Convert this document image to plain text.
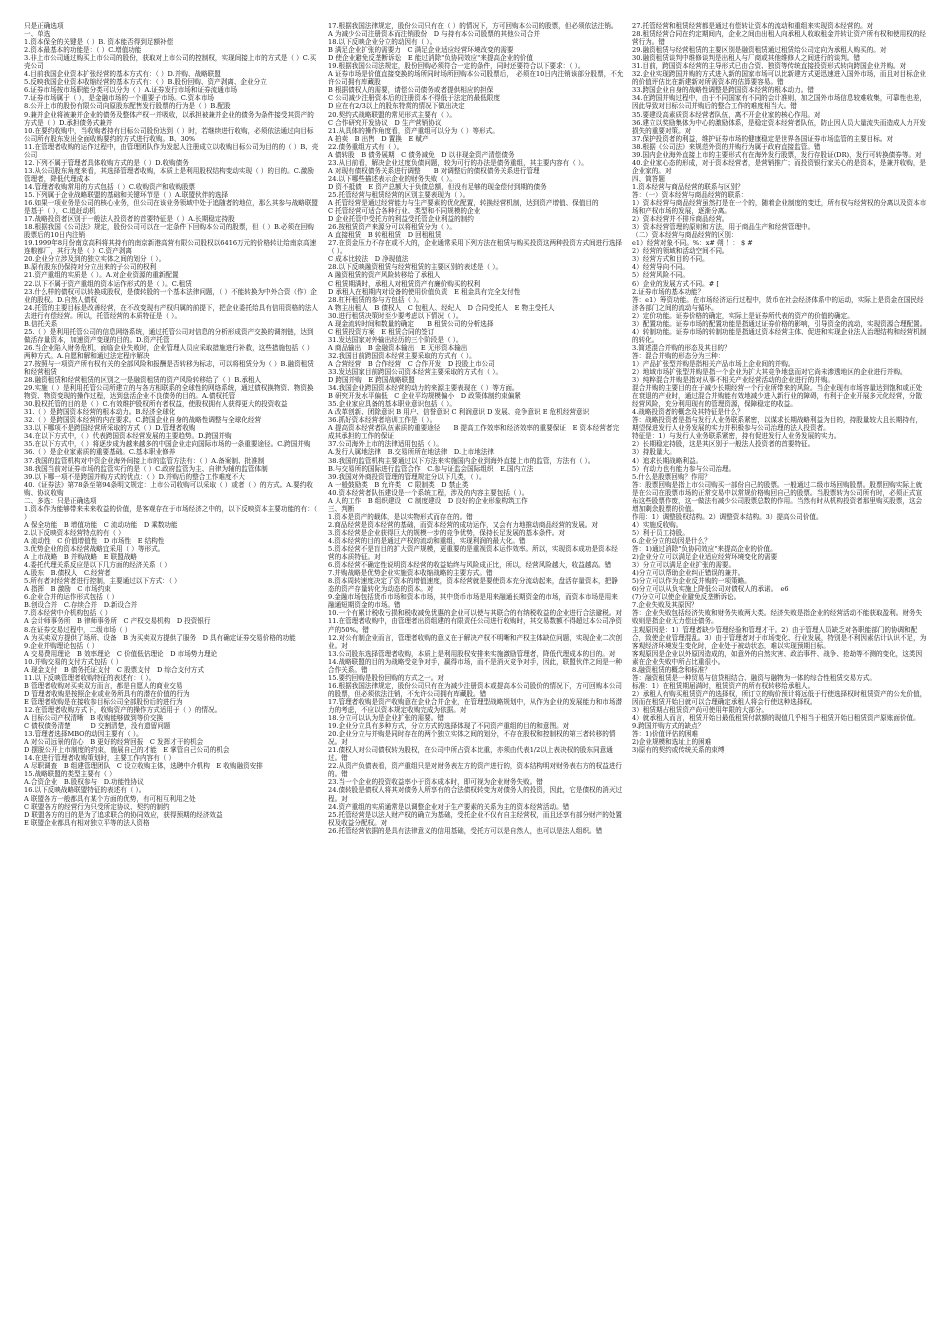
只是正确选项
一、单选
1.资本保全的关键是（ ）B. 资本能否得到足额补偿
2.资本最基本的功能是：（ ）C.增值功能
3.非上市公司通过购买上市公司的股份，获取对上市公司的控制权，实现间接上市的方式是（ ）C.买壳公司
4.目前我国企业资本扩张经营的基本方式有：（ ）D.并购、战略联盟
5.反映我国企业资本收缩经营的基本方式有：（ ）B.股份回购、资产剥离、企业分立
6.证券市场按市场职能分类可以分为（ ）A.证券发行市场和证券流通市场
7.证券市场属于（ ），是金融市场的一个重要子市场。C.资本市场
8.公开上市的股份有限公司向原股东配售发行股票的行为是（ ）B.配股
9.兼并企业将被兼并企业的债务及整体产权一并吸收，以承担被兼并企业的债务为条件接受其资产的方式是（ ）D.承担债务式兼并
10.在要约收购中，当收购者持有目标公司股份达到（ ）时，若继续进行收购，必须依法通过向目标公司所有股东发出全面收购要约的方式进行收购。B、30%
11.在管理者收购的运作过程中，由管理团队作为发起人注册成立以收购目标公司为目的的（ ）B、壳公司
12.下列不属于管理者具体收购方式的是（ ）D.收购债务
13.从公司股东角度来看，其选择管理者收购，本质上是利用股权结构变动实现（ ）的目的。C.激励管理者，降低代理成本
14.管理者收购常用的方式包括（ ）C.收购资产和收购股票
15.下列属于企业战略联盟的基础和关键环节是（ ）A.联盟伙伴的选择
16.如果一项业务是公司的核心业务，但公司在该业务领域中处于追随者的地位，那么其参与战略联盟是基于（ ），C.追赶动机
17.战略投资者区别于一般法人投资者的首要特征是（ ）A.长期稳定持股
18.根据我国《公司法》规定，股份公司可以在一定条件下回购本公司的股票，但（ ）B.必须在回购股票后的10日内注销
19.1999年8月份南京高科将其持有的南京新港高营有限公司股权以6416万元的价格转让给南京高速连粮都厂，其行为是（ ）C.资产剥离
20.企业分立涉及到的独立实体之间的划分（ ）。
B.原有股东仍保持对分立出来的子公司的权利
21.资产重组的实质是（ ）。A.对企业资源的重新配置
22.以下不属于资产重组的资本运作形式的是（ ）。C.租赁
23.什么样的债权可以转换成股权，是债转股的一个基本法律问题，（ ）不能转换为中外合资（作）企业的股权。D.自然人债权
24.托管的主要目标是改善经营，在不改变现有产权归属的前提下，把企业委托给具有信用资格的法人去进行有偿经营。所以，托管经营的本质特征是（ ）。
B.信托关系
25.（ ）是利用托管公司的信息网络系统，通过托管公司对信息的分析形成资产交换的调剂链，达到做活存量资本，加速资产变现的目的。D.资产托管
26.当企业陷入财务危机，面临企业失败时，企业管理人员应采取措施进行补救，这些措施包括（ ）两种方式。A.自愿和解和通过法定程序解决
27.按照与一项资产所有权有关的全部风险和报酬是否转移为标志，可以将租赁分为（ ）B.融资租赁和经营租赁
28.融资租赁和经营租赁的区别之一是融资租赁的资产风险转移给了（ ）B.承租人
29.实施（ ）是利用托管公司所建立的与各方相联系的全球性的网络系统，通过债权换物资、物资换物资、物资变现的操作过程，达到盘活企业不良债务的目的。A.债权托管
30.股权托管的目的是（ ）C.有效维护股权所有者权益，使股权拥有人获得更大的投资收益
31.（ ）是跨国资本经营的根本动力。B.经济全球化
32.（ ）是跨国资本经营的内在要求。C.跨国企业自身的战略性调整与全球化经营
33.以下哪项不是跨国经营所采取的方式（ ）D.管理者收购
34.在以下方式中，（ ）代表跨国资本经营发展的主要趋势。D.跨国并购
35.在以下方式中，（ ）将逐步成为越来越多的中国企业走向国际市场的一条重要途径。C.跨国并购
36.（ ）是企业家素质的重要基础。C.基本职业修养
37.我国的监管机构对中资企业海外间接上市的监管方法有：（ ）A.备案制、批准制
38.我国当前对证券市场的监管实行的是（ ）C.政府监管为主、自律为辅的监管体制
39.以下哪一项不是跨国并购方式的优点：（ ）D.并购后的整合工作难度不大
40.《证券法》第78条至第94条明文规定：上市公司收购可以采取（ ）或者（ ）的方式。A.要约收购、协议收购
二、多选：只是正确选项
1.资本作为能够带来未来收益的价值，是客观存在于市场经济之中的，以下反映资本主要功能的有：（ ）
A 保全功能　B 增值功能　C 流动功能　D 乘数功能
2.以下反映资本经营特点的有（ ）
A 流动性　C 价值增值性　D 市场性　E 结构性
3.优势企业的资本经营战略宜采用（ ）等形式。
A 上市战略　B 并购战略　E 联盟战略
4.委托代理关系反应是以下几方面的经济关系（ ）
A.股东　B.债权人　C.经营者
5.所有者对经营者进行控制，主要通过以下方式：（ ）
A 指挥　B 激励　C 市场约束
6.企业合并的运作形式包括（ ）
B.创设合并　C.存续合并　D.新设合并
7.资本经营中介机构包括（ ）
A 会计师事务所　B 律师事务所　C 产权交易机构　D 投资银行
8.在证券交易过程中，二级市场（ ）
A 为买卖双方提供了场所、设备　B 为买卖双方提供了服务　D 具有确定证券交易价格的功能
9.企业并购理论包括（ ）
A 交易费用理论　B 效率理论　C 价值低估理论　D 市场势力理论
10.并购交易的支付方式包括（ ）
A 现金支付　B 债务托证支付　C 股票支付　D 综合支付方式
11.以下反映管理者收购特征的表述有：（ ）。
B 管理者收购对买卖双方而言，都是自愿人的商业交易
D 管理者收购是按照企业或业务所具有的潜在价值的行为
E 管理者收购是在接收参目标公司全部股份后的进行为
12.在管理者收购方式下，收购资产的操作方式适用于（ ）的情况。
A 目标公司产权清晰　B 收购能够做到等价交换
C 债权债务清楚　　　D 交割清楚，没有遗留问题
13.管理者选择MBO的动因主要有（ ）。
A 对公司远景的信心　B 更好的经营回报　C 发挥才干的机会
D 摆脱公开上市制度的约束，施展自己的才能　E 掌管自己公司的机会
14.在进行管理者收购策划时，主要工作内容有（ ）
A 尽职调查　B 组建管理团队　C 设立收购主体，选聘中介机构　E 收购融资安排
15.战略联盟的类型主要有（ ）
A.合资企业　B.股权参与　D.功能性协议
16.以下反映战略联盟特征的表述有（ ）。
A 联盟各方一般都具有某个方面的优势，有可相互利用之处
C 联盟各方的经营行为只受所定协议、契约的制约
D 联盟各方的目的是为了追求联合的协同效应，获得预期的经济效益
E 联盟企业都具有相对独立平等的法人资格
17.根据我国法律规定，股份公司只有在（ ）的情况下，方可回购本公司的股票，但必须依法注销。
A 为减少公司注册资本而注销股份　D 与持有本公司股票的其他公司合并
18.以下反映企业分立的动因有（ ）。
B 满足企业扩张的需要力　C 满足企业适应经营环境改变的需要
D 使企业避免反垄断诉讼　E 能过消除"负协同效应"来提高企业的价值
19.根据我国公司法规定，股份回购必须符合一定的条件，同时还要符合以下要求：（ ）。
A 证券市场是价值直接变换的场所同时场所回购本公司股票后，　必须在10日内注销该部分股票，不允许公司拥有库藏股
B 根据债权人的需要，请偿公司债务或者提供相应的担保
C 公司减少注册资本后的注册资本不得低于法定的最低限度
D 应在有2/3以上的股东特赏的情况下做出决定
20.契约式战略联盟的常见形式主要有（ ）。
C 合作研究开发协议　D 生产营销协议
21.从具体的操作角度看，资产重组可以分为（ ）等形式。
A 拍卖　B 出售　D 置换　E 赋产
22.债务重组方式有（ ）。
A 债转股　B 债务展期　C 债务减免　D 以非现金资产清偿债务
23.从目前看，解决企业过度负债问题，较为可行的办法是债务重组，其主要内容有（ ）。
A 对现有债权债务关系进行调整　　B 对调整后的债权债务关系进行管理
24.以下哪些描述表示企业的财务失败（ ）。
D 资不抵债　E 资产总额大于负债总额，但没有足够的现金偿付到期的债务
25.托管经营与租赁经营的区别主要表现为（ ）。
A 托管经营是通过经营能力与生产要素的优化配置，转换经营机制，达到资产增值、保值目的
C 托管经营可适合各种行业、类型和不同规模的企业
D 企业托管中受托方的利益受托管企业利益的制约
26.按租赁资产来源分可以将租赁分为（ ）。
A 直接租赁　B 转租租赁　D 回租租赁
27.在资金压力不存在或不大的，企业通常采用下列方法在租赁与购买投资这两种投资方式间进行选择（ ）。
C 成本比较法　D 净现值法
28.以下反映融资租赁与经营租赁的主要区别的表述是（ ）。
A 融资租赁的资产风险转移给了承租人
C 租赁期满时，承租人对租赁资产有廉价购买的权利
D 承租人在租期内对设备的使用价值负责　E 租金具有完全支付性
28.杠杆租赁的参与方包括（ ）。
A 物主出租人　B 债权人　C 包租人、经纪人　D 合同受托人　E 物主受托人
30.进行租赁决策时至少要考虑以下情况（ ）。
A 现金流转时间和数量的确定　　B 租赁公司的分析选择
C 租赁投资方案　E 租赁合同的签订
31.发达国家对外输出经历的三个阶段是（ ）。
A 商品输出　B 金融资本输出　E 无形资本输出
32.我国目前跨国资本经营主要采取的方式有（ ）。
A 合营经营　B 合作经营　C 合作开发　D 投股上市公司
33.发达国家目前跨国公司资本经营主要采取的方式有（ ）。
D 跨国并购　E 跨国战略联盟
34.我国企业跨国资本经营的动力的来源主要表现在（ ）等方面。
B 研究开发水平偏低　C 企业平均规模偏小　D 政策体制约束偏紧
35.企业家应具备的基本职业意识包括（ ）。
A 改革创新、团除意识 B 用户、信誉意识 C 利润意识 D 发展、竞争意识 E 危机经营意识
36.抓好资本经营者培训工作是（ ）。
A 提高资本经营者队伍素质的重要途径　　B 提高工作效率和经济效率的重要保证　E 资本经营者完成其承担的工作的保证
37.公司海外上市的法律适用包括（ ）。
A.发行人属地法律　B.交易所所在地法律　D.上市地法律
38.我国的监管机构主要通过以下方法来实施国内企业到海外直接上市的监管，方法有（ ）。
B.与交易所的国际进行监管合作　C.参与证监会国际组织　E.国内立法
39.我国对外商投资管理的管理规定分以下几类，（ ）。
A 一般鼓励类　B 允许类　C 限制类　D 禁止类
40.资本经营者队伍建设是一个系统工程，涉及的内容主要包括（ ）。
A 人的工作　B 组织建设　C 制度建设　D 良好的企业形象构筑工作
三、判断
1.资本是资产的载体，是以实物形式而存在的。错
2.商品经营是资本经营的基础，而资本经营的成功运作，又会有力地推动商品经营的发展。对
3.资本经营是企业获得巨大的规模一步的竞争优势，保持长足发展的基本条件。对
4.资本经营的目的是通过产权的流动和重组，实现利润的最大化。错
5.资本经营不是盲目的扩大资产规模，更重要的是重视资本运作效率。所以，实现资本成功是资本经营的本质特征。对
6.资本经营不确定性说明资本经营的收益始终与风险成正比，所以，经营风险越大，收益越高。错
7.并购战略是优势企业实施资本收缩战略的主要方式。错
8.资本周转速度决定了资本的增值速度，资本经营就是要使资本充分流动起来，盘活存量资本，把静态的资产存量转化为动态的资本。对
9.金融市场包括货币市场和资本市场，其中货币市场是用来融通长期资金的市场，而资本市场是用来融通短期资金的市场。错
10.一个有累计税收亏损和税收减免优惠的企业可以使与其联合的有纳税收益的企业进行合法避税。对
11.在管理者收购中，由管理者出资组建的有限责任公司进行收购时，其交易数额不得超过本公司净资产的50%。错
12.对公有制企业而言，管理者收购的意义在于解决产权不明晰和产权主体缺位问题，实现企业二次创业。对
13.公司股东选择管理者收购，本质上是利用股权安排来实施激励管理者，降低代理成本的目的。对
14.战略联盟的目的为战略受竞争对手，赢得市场，而不是消灭竞争对手，因此，联盟伙伴之间是一种合作关系。错
15.要约回购是股份回购的方式之一。对
16.根据我国法律规定，股份公司只有在为减少注册资本或提高本公司股价的情况下，方可回购本公司的股票，但必须依法注销，不允许公司拥有库藏股。错
17.管理者收购是资产收购意在企业合并企业，在管理型战略规划中，从作为企业的发展能力和市场潜力的考虑，不应以资本规定收购完成为依据。对
18.分立可以认为是企业扩张的需要。错
19.企业分立具有多种方式，分立方式的选择体现了不同资产重组的目的和意图。对
20.企业分立与并购是同时存在的两个独立实体之间的划分，不存在股权和控制权的第三者转移的情况。对
21.债权人对公司债权转为股权，在公司中所占资本比重，亦须由代表1/2以上表决权的股东同意通过。错
22.从资产负债表看，资产重组只是对财务表左方的资产进行的，资本结构明对财务表右方的权益进行的。错
23.当一个企业的投资收益率小于资本成本时，即可视为企业财务失败。错
24.债转股是债权人将其对债务人所享有的合法债权转变为对债务人的投资，因此，它是债权的消灭过程。对
24.资产重组的实质通常是以调整企业对于生产要素的关系为主的资本经营活动。错
25.托管经营是以法人财产权的确立为基础，受托企业不仅有自主经营权，而且还享有部分财产的处置权及收益分配权。对
26.托管经营依据的是具有法律意义的信用基础，受托方可以是自然人，也可以是法人组织。错
27.托管经营和租赁经营都是通过有偿转让资本的流动和重组来实现资本经营的。对
28.租赁经营合同在约定期间内，企业之间由出租人向承租人收取租金并转让资产所有权和使用权的经营行为。错
29.融资租赁与经营租赁的主要区别是融资租赁通过租赁给公司定向为承租人购买的。对
30.融资租赁谈判中维修谈判是出租人与厂商或其他维修人之间进行的谈判。错
31.目前，跨国资本经营的主导形式已由合资、独资等传统直接投资形式转向跨国企业并购。对
32.企业实现跨国并购的方式进入新的国家市场可以比新建方式更迅速进入国外市场，而且对目标企业的价值评估比在新建新对所需资本的估算要容易。错
33.跨国企业自身的战略性调整是跨国资本经营的根本动力。错
34.在跨国并购过程中，由于不同国家有不同的会计准则，加之国外市场信息较难收集，可靠性也差，因此导致对目标公司并购后的整合工作的难度相当大。错
35.要建设高素质资本经营者队伍，离不开企业家的核心作用。对
36.建立以奖励集体为中心的激励体系，是稳定资本经营者队伍，防止因人员大量流失而造成人力开发损失的重要对策。对
37.保护投资者的利益，维护证券市场的健康稳定是世界各国证券市场监管的主要目标。对
38.根据《公司法》来规范外资的并购行为属于政府直接监管。错
39.国内企业海外直接上市的主要形式有在海外发行股票，发行存股证(DR)，发行可转换债券等。对
40.企业家心态的形成，对于资本经营者，是营销推广；而投资银行家关心的是资本，是兼并收购，是企业家的。对
四、简答题
1.资本经营与商品经营的联系与区别？
答：（一）资本经营与商品经营的联系：
1）资本经营与商品经营虽然打是在一个的，随着企业制度的变迁，所有权与经营权的分离以及资本市场和产权市场的发展，逐渐分离。
2）资本经营并不排斥商品经营。
3）资本经营管理的原则和方法，用于商品生产和经营管理中。
（二）资本经营与商品经营的区别：
e1）经营对象不同。%：x# 朔 ！： $ #
2）经营的领域和活动空间不同。
3）经营方式和目的不同。
4）经营导向不同。
5）经营风险不同。
6）企业的发展方式不同。# [
2.证券市场的基本功能？
答：e1）筹资功能。在市场经济运行过程中，货币在社会经济体系中的运动，实际上是资金在国民经济各部门之间的流动与循环。
2）定价功能。证券价格的确定，实际上是证券所代表的资产的价值的确定。
3）配置功能。证券市场的配置功能是指通过证券价格的影响，引导资金的流动，实现资源合理配置。
4）转制功能。证券市场的转制功能是指通过资本经营主体、促进和实现企业法人治理结构和经营机制的转化。
3.简述混合并购的形态及其目的？
答：混合并购的形态分为三种：
1）产品扩张型并购是指相关产品市场上企业间的并购。
2）地域市场扩张型并购是指一个企业为扩大其竞争地盘而对它尚未渗透地区的企业进行并购。
3）纯粹混合并购是指对从事不相关产业经营活动的企业进行的并购。
混合并购的主要目的在于减少长期经营一个行业所带来的风险。当企业现有市场容量达到饱和或正处在衰退的产业时，通过混合并购能有效地减少进入新行业的障碍，有利于企业开展多元化经营，分散经营风险，充分利用现有的管理资源，保障稳定的收益。
4.战略投资者的概念及其特征是什么？
答：战略投资者是指与发行人业务联系紧密，以谋求长期战略利益为目的，持股量较大且长期持有，期望保进发行人业务发展的实力并积极参与公司治理的法人投资者。
特征是：1）与发行人业务联系紧密，持有促进发行人业务发展的实力。
2）长期稳定持股，这是其区别于一般法人投资者的首要特征。
3）持股量大。
4）追求长期战略利益。
5）有动力也有能力参与公司治理。
5.什么是股票回购？作用？
答：股票回购是指上市公司购买一部份自己的股票。一般通过二级市场回购股票。股票回购实际上就是在公司在股票市场的正常交易中以常规价格购回自己的股票。当股票转为公司所有时，必须正式宣布这些股票作废，这一做法有减少公司股票总数的作用。当然有时从机构投资者那里购买股票，这会增加剩余股票的价值。
作用：1）调整股权结构。2）调整资本结构。3）提高公司价值。
4）实施反收购。
5）利于员工持股。
6.企业分立的动因是什么？
答：1)通过消除"负协同效应"来提高企业的价值。
2)企业分立可以满足企业适应经营环境变化的需要
3）分立可以满足企业扩张的需要。
4)分立可以帮助企业纠正错误的兼并。
5)分立可以作为企业反并购的一项策略。
6)分立可以从负实施上降低公司对债权人的承诺。　e6
(7)分立可以使企业避免反垄断诉讼。
7.企业失败及其原因？
答：企业失败包括经济失败和财务失败两大类。经济失败是指企业的经营活动不能获取盈利。财务失败则是指企业无力偿还债务。
主观原因是：1）管理者缺少管理经验和管理才干。2）由于管理人员缺乏对各职能部门的协调和配合，致使企业管理混乱。3）由于管理者对于市场变化、行业发展，特别是不利因素估计认识不足，为客观经济环境发生变化时，企业处于被动状态，难以实现预期目标。
客观原因是企业以外原因造成的，如意外的自然灾害、政治事件、战争、抢劫等不测的变化，这类因素在企业失败中所占比重很小。
8.融资租赁的概念和标准？
答：融资租赁是一种贸易与信贷相结合、融资与融物为一体的综合性租赁交易方式。
标准：1）在租赁期届满时，租赁资产的所有权转移给承租人。
2）承租人有购买租赁资产的选择权，所订立的购价预计将远低于行使选择权时租赁资产的公允价值，因而在租赁开始日就可以合理确定承租人将会行使这种选择权。
3）租赁期占租赁资产尚可使用年限的大部分。
4）就承租人而言，租赁开始日最低租赁付款额的现值几乎相当于租赁开始日租赁资产原账面价值。
9.跨国并购方式的缺点？
答：1)价值评估的困难
2)企业规模和选址上的困难
3)原有的契约或传统关系的束缚
